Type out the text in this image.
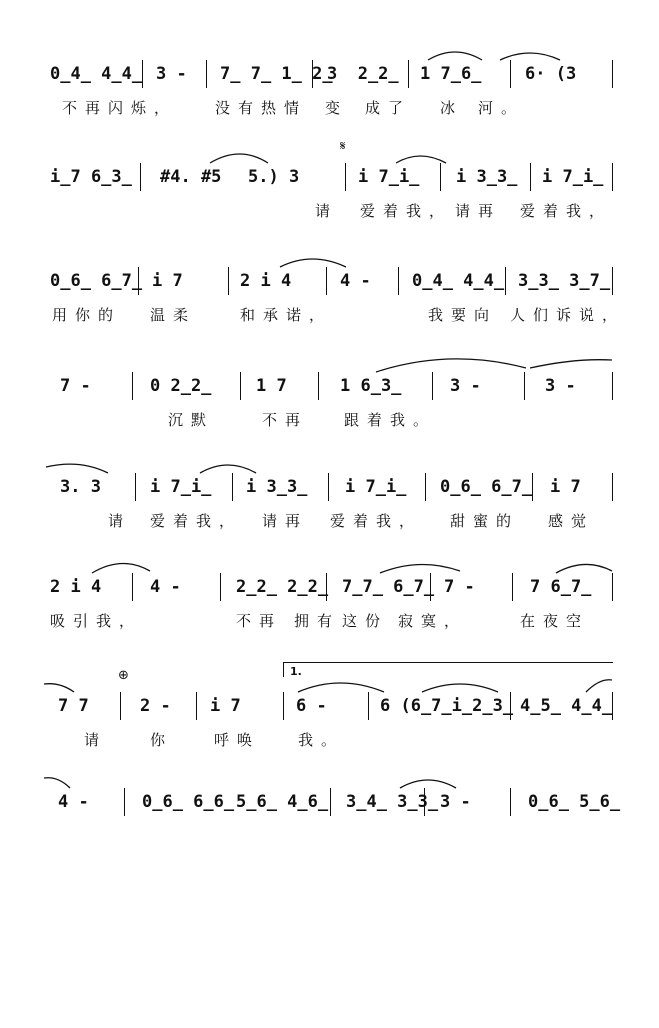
0̲4̲ 4̲4̲

3 -

7̲ 7̲ 1̲ 2̲

3  2̲2̲

1 7̲6̲

	6· (3

不再闪烁，

	没有热情

变

成了

冰

河。

𝄋

i̲7 6̲3̲

#4. #5

5.) 3

	i 7̲i̲

i 3̲3̲

i 7̲i̲

请

爱着我，

请再

爱着我，

0̲6̲ 6̲7̲

i 7

	2 i 4

	4 -

0̲4̲ 4̲4̲

3̲3̲ 3̲7̲

用你的

温柔

	和承诺，

	我要向

人们诉说，

7 -

	0 2̲2̲

	1 7

	1 6̲3̲

	3 -

	3 -

沉默

	不再

跟着我。

3. 3

	i 7̲i̲

i 3̲3̲

i 7̲i̲

0̲6̲ 6̲7̲

i 7

请

爱着我，

请再

爱着我，

甜蜜的

感觉

2 i 4

	4 -

	2̲2̲ 2̲2̲

7̲7̲ 6̲7̲

7 -

	7 6̲7̲

吸引我，

	不再

拥有

这份

寂寞，

	在夜空

⊕	1.

7 7

	2 -

i 7

	6 -

	6 (6̲7̲i̲2̲3̲

4̲5̲ 4̲4̲

请

	你

	呼唤

	我。

4 -

	0̲6̲ 6̲6̲

5̲6̲ 4̲6̲

3̲4̲ 3̲3̲

3 -

	0̲6̲ 5̲6̲
